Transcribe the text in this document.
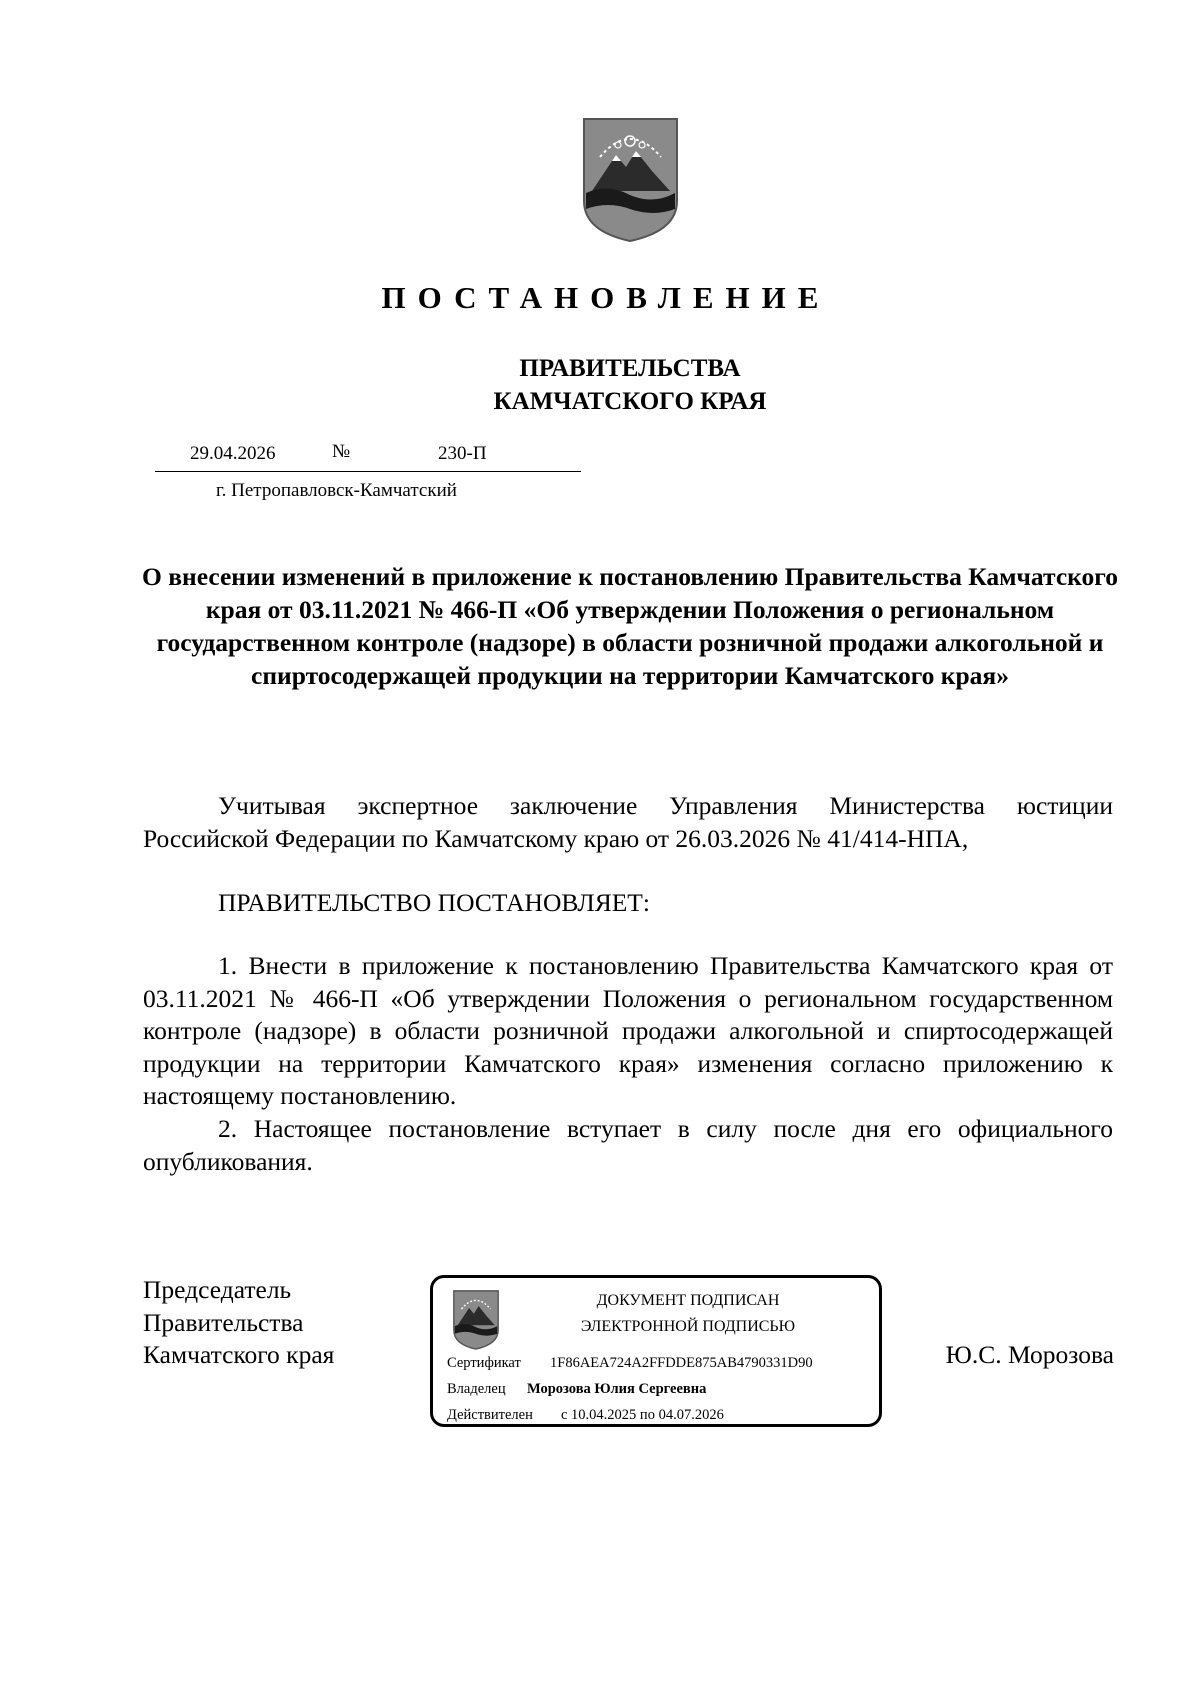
ПОСТАНОВЛЕНИЕ
ПРАВИТЕЛЬСТВА
КАМЧАТСКОГО КРАЯ
29.04.2026	№	230-П
г. Петропавловск-Камчатский
О внесении изменений в приложение к постановлению Правительства Камчатского края от 03.11.2021 № 466-П «Об утверждении Положения о региональном государственном контроле (надзоре) в области розничной продажи алкогольной и спиртосодержащей продукции на территории Камчатского края»
Учитывая экспертное заключение Управления Министерства юстиции Российской Федерации по Камчатскому краю от 26.03.2026 № 41/414-НПА,
ПРАВИТЕЛЬСТВО ПОСТАНОВЛЯЕТ:
1. Внести в приложение к постановлению Правительства Камчатского края от 03.11.2021 № 466-П «Об утверждении Положения о региональном государственном контроле (надзоре) в области розничной продажи алкогольной и спиртосодержащей продукции на территории Камчатского края» изменения согласно приложению к настоящему постановлению.
2. Настоящее постановление вступает в силу после дня его официального опубликования.
Председатель
Правительства
Камчатского края
ДОКУМЕНТ ПОДПИСАН
ЭЛЕКТРОННОЙ ПОДПИСЬЮ
Сертификат 1F86AEA724A2FFDDE875AB4790331D90
Владелец Морозова Юлия Сергеевна
Действителен с 10.04.2025 по 04.07.2026
Ю.С. Морозова
